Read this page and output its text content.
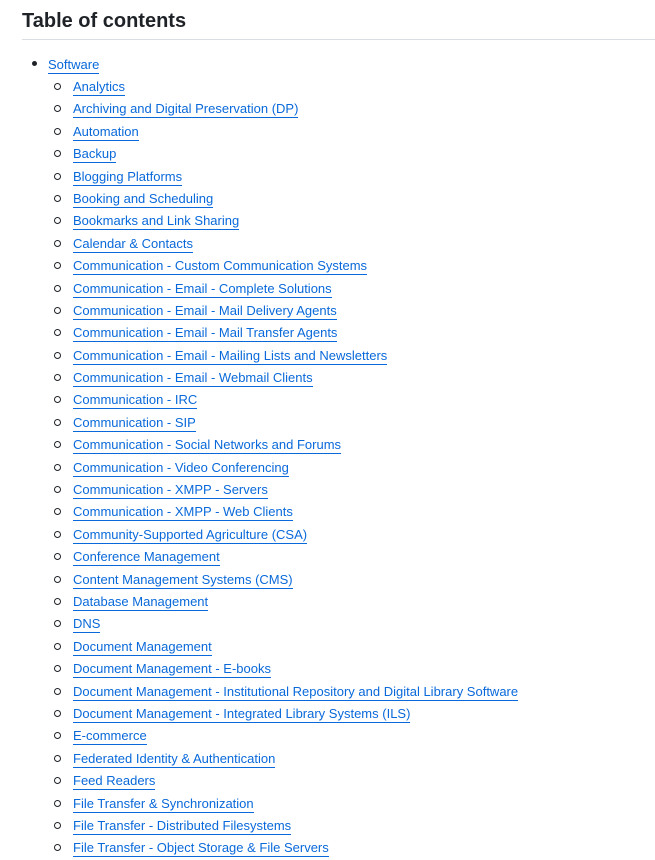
Table of contents
Software
Analytics
Archiving and Digital Preservation (DP)
Automation
Backup
Blogging Platforms
Booking and Scheduling
Bookmarks and Link Sharing
Calendar & Contacts
Communication - Custom Communication Systems
Communication - Email - Complete Solutions
Communication - Email - Mail Delivery Agents
Communication - Email - Mail Transfer Agents
Communication - Email - Mailing Lists and Newsletters
Communication - Email - Webmail Clients
Communication - IRC
Communication - SIP
Communication - Social Networks and Forums
Communication - Video Conferencing
Communication - XMPP - Servers
Communication - XMPP - Web Clients
Community-Supported Agriculture (CSA)
Conference Management
Content Management Systems (CMS)
Database Management
DNS
Document Management
Document Management - E-books
Document Management - Institutional Repository and Digital Library Software
Document Management - Integrated Library Systems (ILS)
E-commerce
Federated Identity & Authentication
Feed Readers
File Transfer & Synchronization
File Transfer - Distributed Filesystems
File Transfer - Object Storage & File Servers
